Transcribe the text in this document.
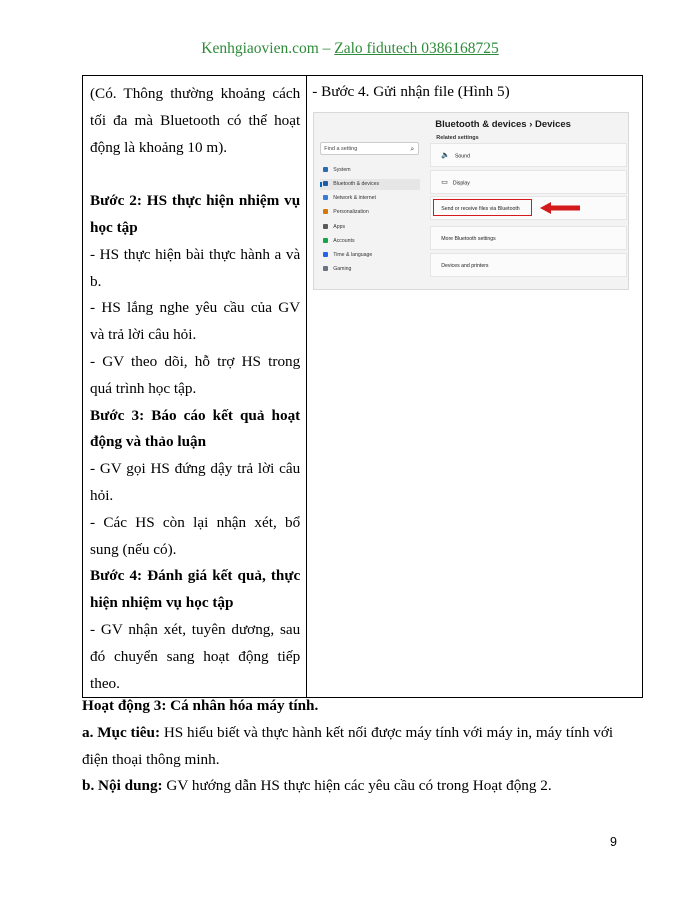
Kenhgiaovien.com – Zalo fidutech 0386168725

(Có. Thông thường khoảng cách tối đa mà Bluetooth có thể hoạt động là khoảng 10 m).

Bước 2: HS thực hiện nhiệm vụ học tập

- HS thực hiện bài thực hành a và b.

- HS lắng nghe yêu cầu của GV và trả lời câu hỏi.

- GV theo dõi, hỗ trợ HS trong quá trình học tập.

Bước 3: Báo cáo kết quả hoạt động và thảo luận

- GV gọi HS đứng dậy trả lời câu hỏi.

- Các HS còn lại nhận xét, bổ sung (nếu có).

Bước 4: Đánh giá kết quả, thực hiện nhiệm vụ học tập

- GV nhận xét, tuyên dương, sau đó chuyển sang hoạt động tiếp theo.

- Bước 4. Gửi nhận file (Hình 5)
Bluetooth & devices › Devices
Related settings
Find a setting	⌕
System
Bluetooth & devices
Network & internet
Personalization
Apps
Accounts
Time & language
Gaming
🔈 Sound
▭ Display
Send or receive files via Bluetooth
More Bluetooth settings
Devices and printers

Hoạt động 3: Cá nhân hóa máy tính.

a. Mục tiêu: HS hiểu biết và thực hành kết nối được máy tính với máy in, máy tính với điện thoại thông minh.

b. Nội dung: GV hướng dẫn HS thực hiện các yêu cầu có trong Hoạt động 2.

9
